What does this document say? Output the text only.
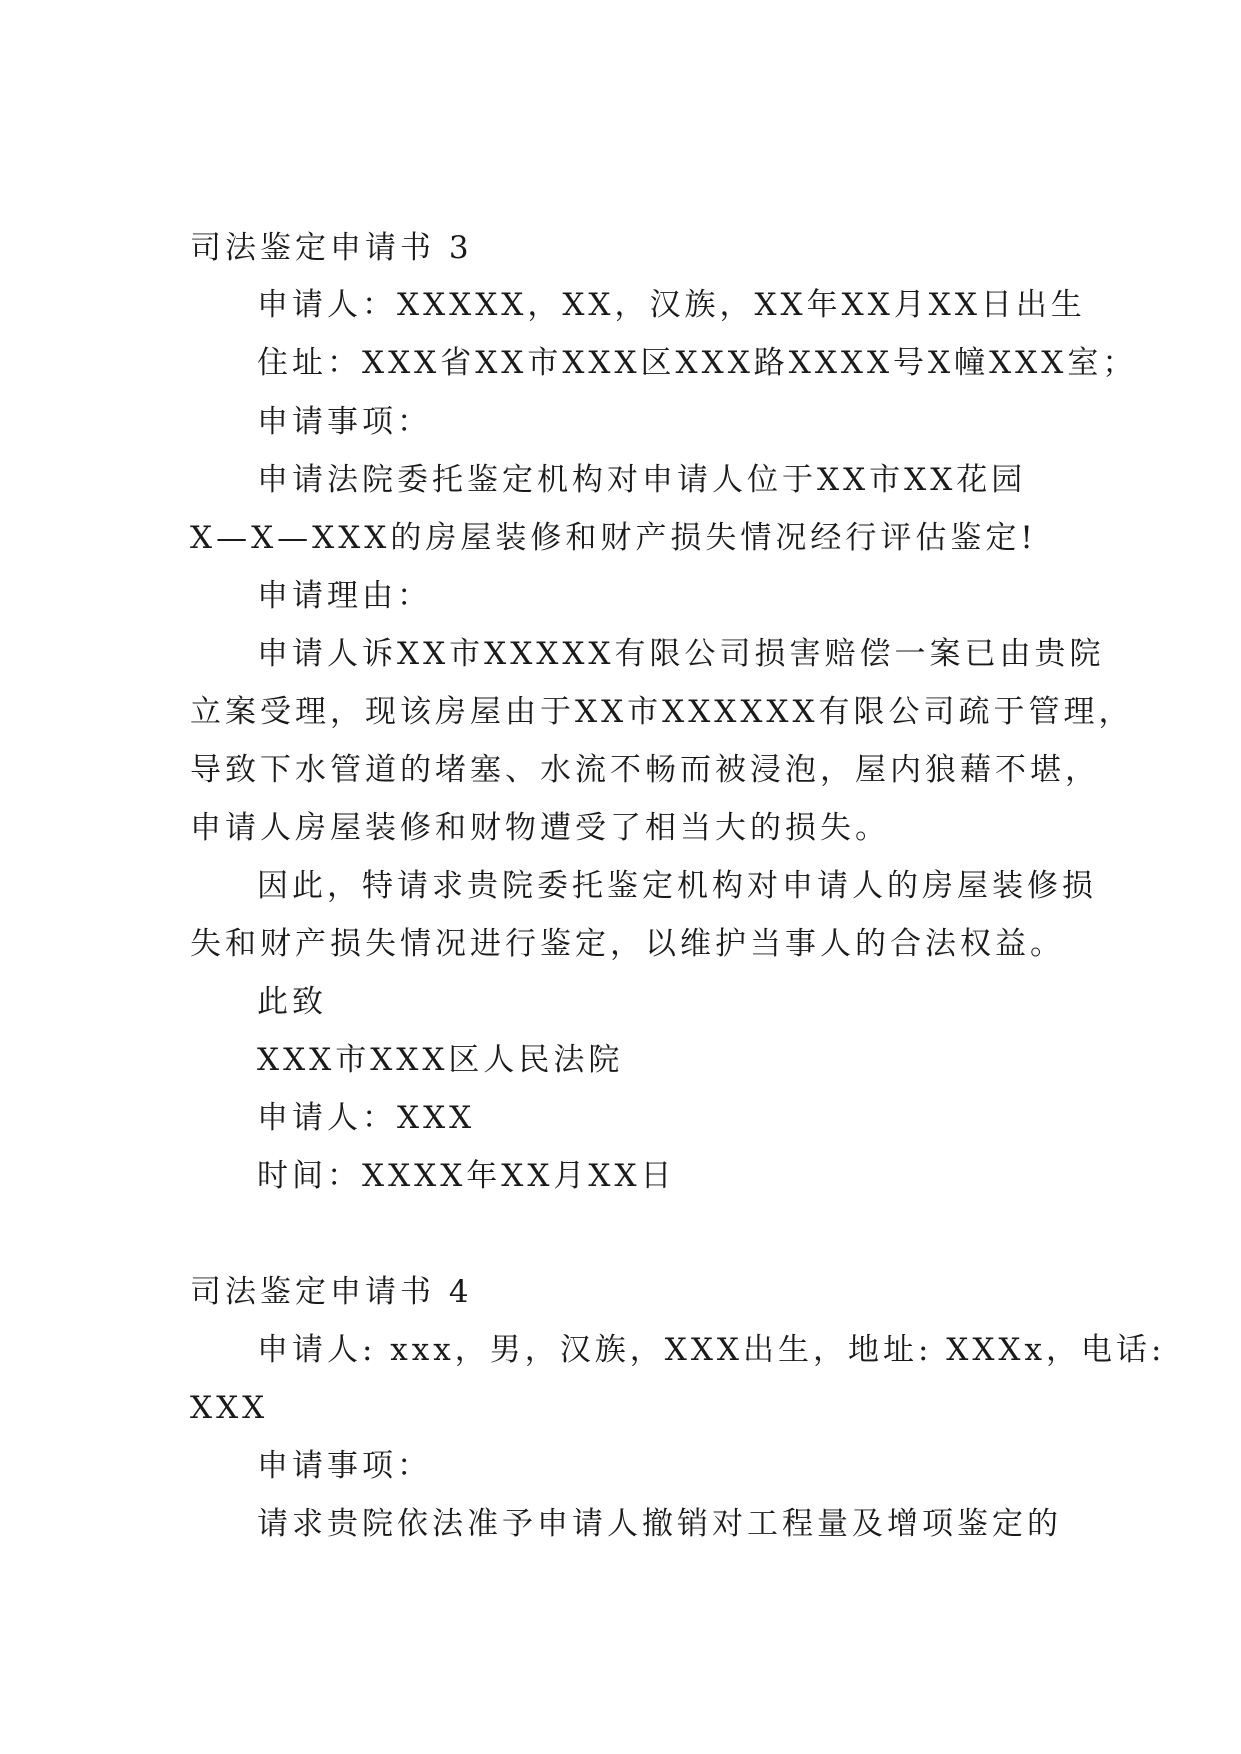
司法鉴定申请书 3
申请人：XXXXX，XX，汉族，XX年XX月XX日出生
住址：XXX省XX市XXX区XXX路XXXX号X幢XXX室；
申请事项：
申请法院委托鉴定机构对申请人位于XX市XX花园
X—X—XXX的房屋装修和财产损失情况经行评估鉴定!
申请理由：
申请人诉XX市XXXXX有限公司损害赔偿一案已由贵院
立案受理，现该房屋由于XX市XXXXXX有限公司疏于管理，
导致下水管道的堵塞、水流不畅而被浸泡，屋内狼藉不堪，
申请人房屋装修和财物遭受了相当大的损失。
因此，特请求贵院委托鉴定机构对申请人的房屋装修损
失和财产损失情况进行鉴定，以维护当事人的合法权益。
此致
XXX市XXX区人民法院
申请人：XXX
时间：XXXX年XX月XX日
司法鉴定申请书 4
申请人: xxx，男，汉族，XXX出生，地址: XXXx，电话:
XXX
申请事项：
请求贵院依法准予申请人撤销对工程量及增项鉴定的
